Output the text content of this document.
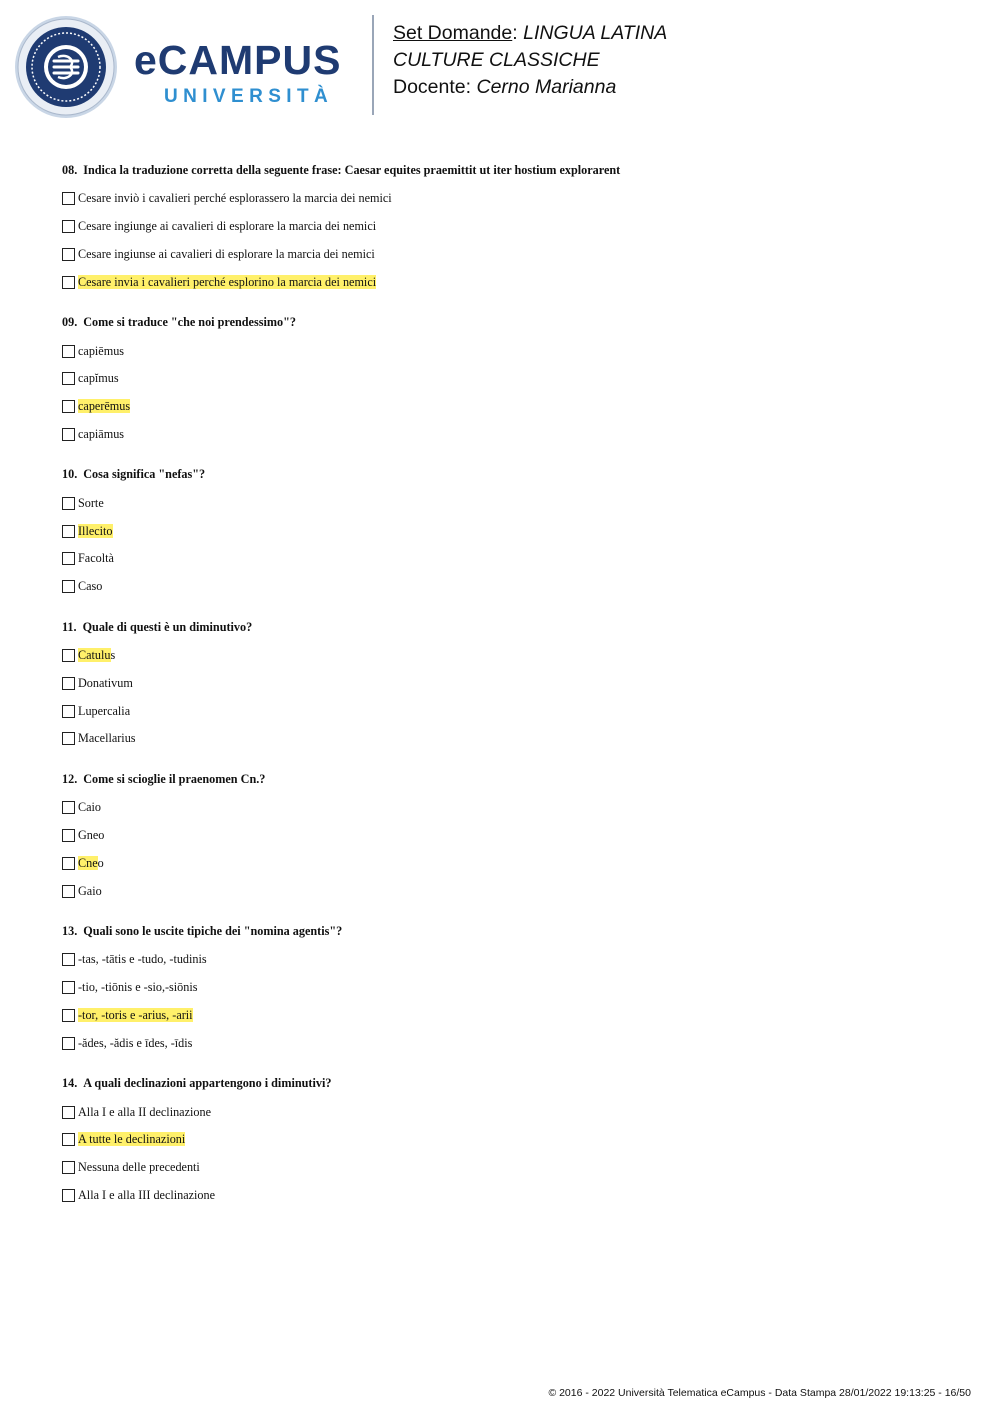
eCAMPUS
UNIVERSITÀ
Set Domande: LINGUA LATINA
CULTURE CLASSICHE
Docente: Cerno Marianna
08. Indica la traduzione corretta della seguente frase: Caesar equites praemittit ut iter hostium explorarent
Cesare inviò i cavalieri perché esplorassero la marcia dei nemici
Cesare ingiunge ai cavalieri di esplorare la marcia dei nemici
Cesare ingiunse ai cavalieri di esplorare la marcia dei nemici
Cesare invia i cavalieri perché esplorino la marcia dei nemici
09. Come si traduce "che noi prendessimo"?
capiēmus
capĭmus
caperēmus
capiāmus
10. Cosa significa "nefas"?
Sorte
Illecito
Facoltà
Caso
11. Quale di questi è un diminutivo?
Catulus
Donativum
Lupercalia
Macellarius
12. Come si scioglie il praenomen Cn.?
Caio
Gneo
Cneo
Gaio
13. Quali sono le uscite tipiche dei "nomina agentis"?
-tas, -tātis e -tudo, -tudinis
-tio, -tiōnis e -sio,-siōnis
-tor, -toris e -arius, -arii
-ădes, -ădis e īdes, -īdis
14. A quali declinazioni appartengono i diminutivi?
Alla I e alla II declinazione
A tutte le declinazioni
Nessuna delle precedenti
Alla I e alla III declinazione
© 2016 - 2022 Università Telematica eCampus - Data Stampa 28/01/2022 19:13:25 - 16/50
